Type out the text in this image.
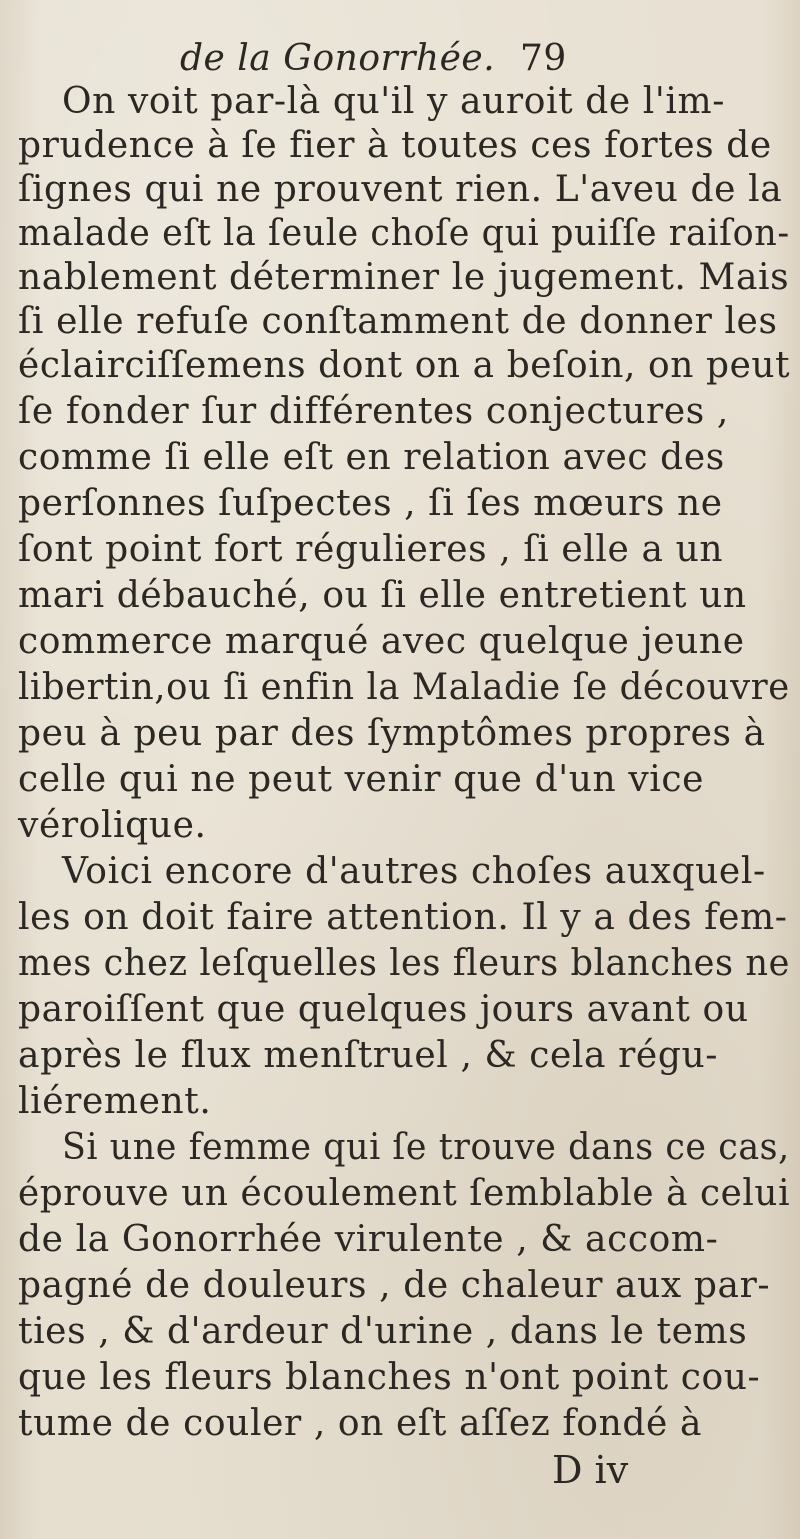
de la Gonorrhée. 79
On voit par-là qu'il y auroit de l'im-
prudence à ſe fier à toutes ces fortes de
ſignes qui ne prouvent rien. L'aveu de la
malade eſt la ſeule choſe qui puiſſe raiſon-
nablement déterminer le jugement. Mais
ſi elle refuſe conſtamment de donner les
éclairciſſemens dont on a beſoin, on peut
ſe fonder ſur différentes conjectures ,
comme ſi elle eſt en relation avec des
perſonnes ſuſpectes , ſi ſes mœurs ne
ſont point fort régulieres , ſi elle a un
mari débauché, ou ſi elle entretient un
commerce marqué avec quelque jeune
libertin,ou ſi enfin la Maladie ſe découvre
peu à peu par des ſymptômes propres à
celle qui ne peut venir que d'un vice
vérolique.
Voici encore d'autres choſes auxquel-
les on doit faire attention. Il y a des fem-
mes chez leſquelles les fleurs blanches ne
paroiſſent que quelques jours avant ou
après le flux menſtruel , & cela régu-
liérement.
Si une femme qui ſe trouve dans ce cas,
éprouve un écoulement ſemblable à celui
de la Gonorrhée virulente , & accom-
pagné de douleurs , de chaleur aux par-
ties , & d'ardeur d'urine , dans le tems
que les fleurs blanches n'ont point cou-
tume de couler , on eſt aſſez fondé à
D iv
